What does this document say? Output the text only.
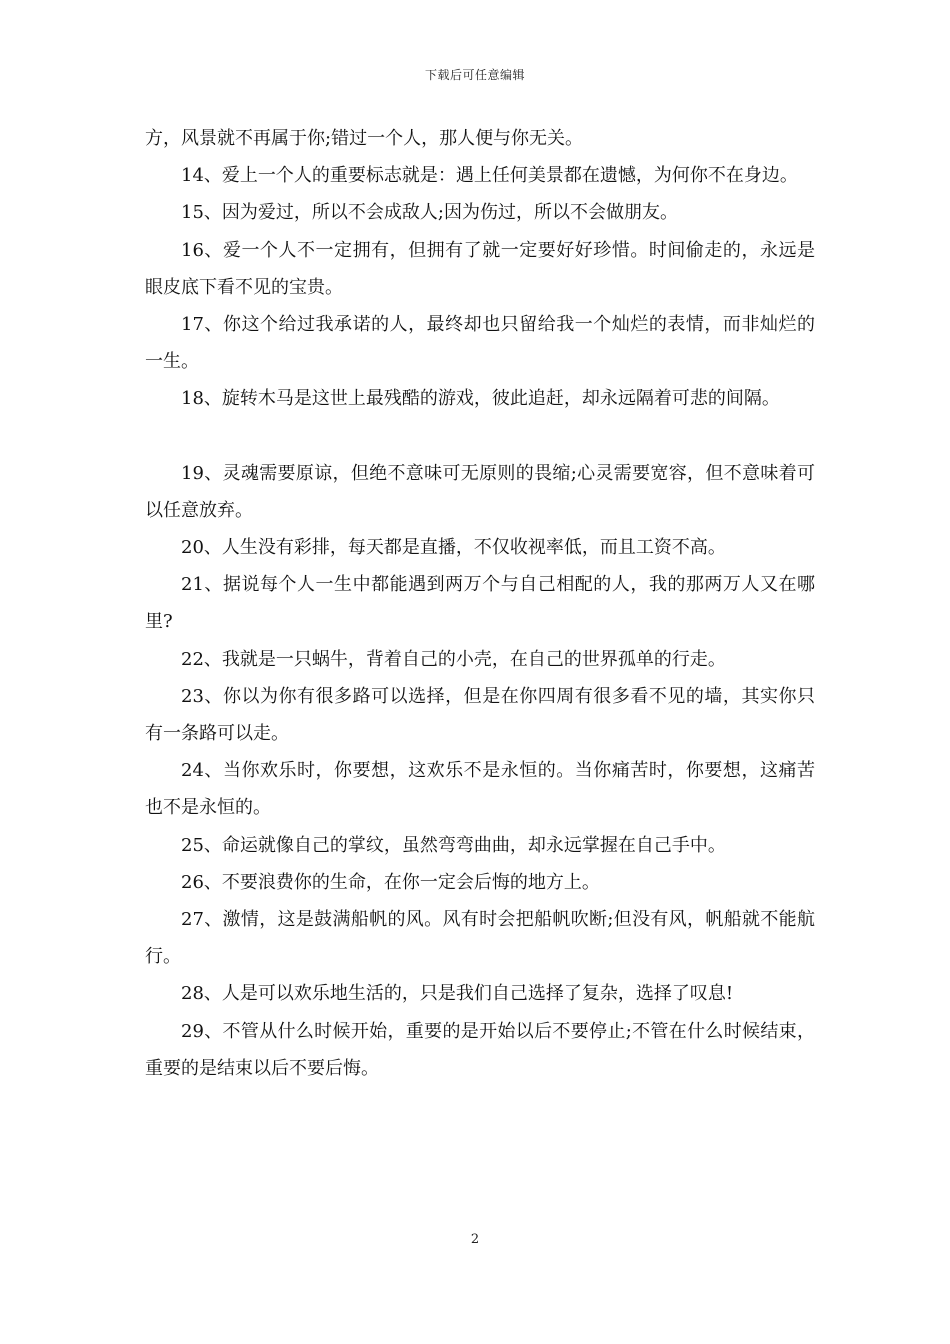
下载后可任意编辑

方，风景就不再属于你;错过一个人，那人便与你无关。

14、爱上一个人的重要标志就是：遇上任何美景都在遗憾，为何你不在身边。

15、因为爱过，所以不会成敌人;因为伤过，所以不会做朋友。

16、爱一个人不一定拥有，但拥有了就一定要好好珍惜。时间偷走的，永远是眼皮底下看不见的宝贵。

17、你这个给过我承诺的人，最终却也只留给我一个灿烂的表情，而非灿烂的一生。

18、旋转木马是这世上最残酷的游戏，彼此追赶，却永远隔着可悲的间隔。

19、灵魂需要原谅，但绝不意味可无原则的畏缩;心灵需要宽容，但不意味着可以任意放弃。

20、人生没有彩排，每天都是直播，不仅收视率低，而且工资不高。

21、据说每个人一生中都能遇到两万个与自己相配的人，我的那两万人又在哪里?

22、我就是一只蜗牛，背着自己的小壳，在自己的世界孤单的行走。

23、你以为你有很多路可以选择，但是在你四周有很多看不见的墙，其实你只有一条路可以走。

24、当你欢乐时，你要想，这欢乐不是永恒的。当你痛苦时，你要想，这痛苦也不是永恒的。

25、命运就像自己的掌纹，虽然弯弯曲曲，却永远掌握在自己手中。

26、不要浪费你的生命，在你一定会后悔的地方上。

27、激情，这是鼓满船帆的风。风有时会把船帆吹断;但没有风，帆船就不能航行。

28、人是可以欢乐地生活的，只是我们自己选择了复杂，选择了叹息!

29、不管从什么时候开始，重要的是开始以后不要停止;不管在什么时候结束，重要的是结束以后不要后悔。

2
